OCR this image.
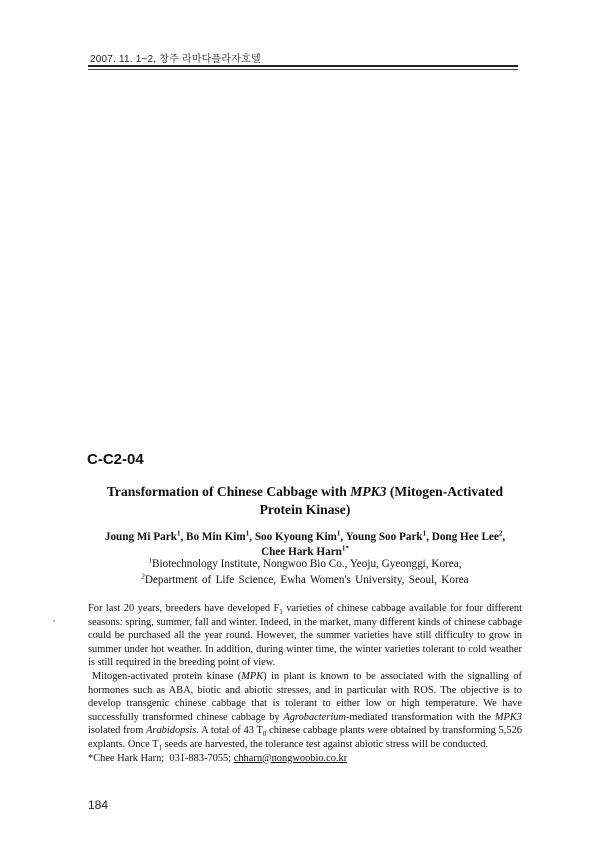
2007. 11. 1~2, 창주 라마다플라자호텔
C-C2-04
Transformation of Chinese Cabbage with MPK3 (Mitogen-Activated Protein Kinase)
Joung Mi Park$^1$, Bo Min Kim$^1$, Soo Kyoung Kim$^1$, Young Soo Park$^1$, Dong Hee Lee$^2$,
Chee Hark Harn$^{1*}$
$^1$Biotechnology Institute, Nongwoo Bio Co., Yeoju, Gyeonggi, Korea,
$^2$Department of Life Science, Ewha Women's University, Seoul, Korea

For last 20 years, breeders have developed $F_1$ varieties of chinese cabbage available for four different seasons: spring, summer, fall and winter. Indeed, in the market, many different kinds of chinese cabbage could be purchased all the year round. However, the summer varieties have still difficulty to grow in summer under hot weather. In addition, during winter time, the winter varieties tolerant to cold weather is still required in the breeding point of view.

Mitogen-activated protein kinase (MPK) in plant is known to be associated with the signalling of hormones such as ABA, biotic and abiotic stresses, and in particular with ROS. The objective is to develop transgenic chinese cabbage that is tolerant to either low or high temperature. We have successfully transformed chinese cabbage by Agrobacterium-mediated transformation with the MPK3 isolated from Arabidopsis. A total of 43 $T_0$ chinese cabbage plants were obtained by transforming 5,526 explants. Once $T_1$ seeds are harvested, the tolerance test against abiotic stress will be conducted.

*Chee Hark Harn; 031-883-7055; chharn@nongwoobio.co.kr

184
